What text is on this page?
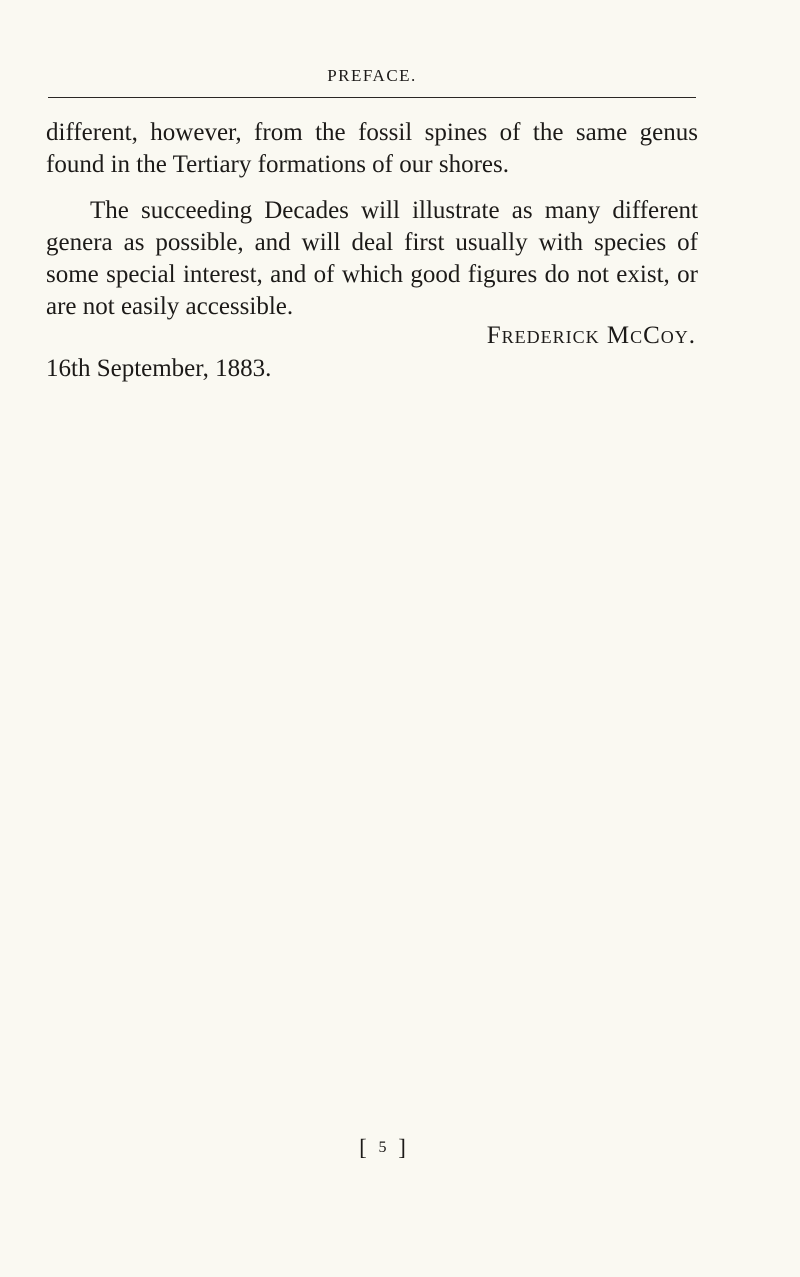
PREFACE.

different, however, from the fossil spines of the same genus found in the Tertiary formations of our shores.

The succeeding Decades will illustrate as many different genera as possible, and will deal first usually with species of some special interest, and of which good figures do not exist, or are not easily accessible.

Frederick McCoy.
16th September, 1883.
[ 5 ]
